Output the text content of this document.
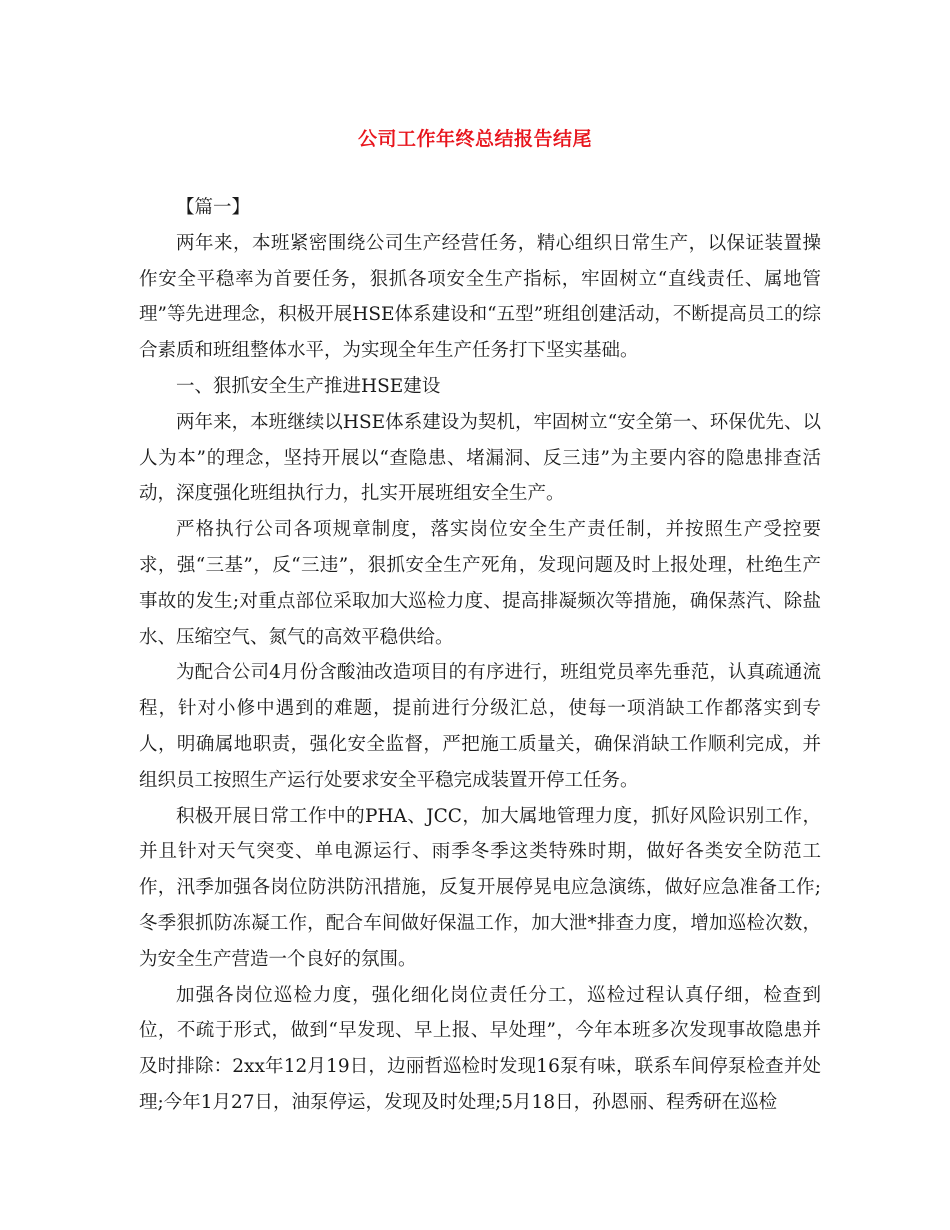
公司工作年终总结报告结尾
【篇一】

两年来，本班紧密围绕公司生产经营任务，精心组织日常生产，以保证装置操作安全平稳率为首要任务，狠抓各项安全生产指标，牢固树立“直线责任、属地管理”等先进理念，积极开展HSE体系建设和“五型”班组创建活动，不断提高员工的综合素质和班组整体水平，为实现全年生产任务打下坚实基础。

一、狠抓安全生产推进HSE建设

两年来，本班继续以HSE体系建设为契机，牢固树立“安全第一、环保优先、以人为本”的理念，坚持开展以“查隐患、堵漏洞、反三违”为主要内容的隐患排查活动，深度强化班组执行力，扎实开展班组安全生产。

严格执行公司各项规章制度，落实岗位安全生产责任制，并按照生产受控要求，强“三基”，反“三违”，狠抓安全生产死角，发现问题及时上报处理，杜绝生产事故的发生;对重点部位采取加大巡检力度、提高排凝频次等措施，确保蒸汽、除盐水、压缩空气、氮气的高效平稳供给。

为配合公司4月份含酸油改造项目的有序进行，班组党员率先垂范，认真疏通流程，针对小修中遇到的难题，提前进行分级汇总，使每一项消缺工作都落实到专人，明确属地职责，强化安全监督，严把施工质量关，确保消缺工作顺利完成，并组织员工按照生产运行处要求安全平稳完成装置开停工任务。

积极开展日常工作中的PHA、JCC，加大属地管理力度，抓好风险识别工作，并且针对天气突变、单电源运行、雨季冬季这类特殊时期，做好各类安全防范工作，汛季加强各岗位防洪防汛措施，反复开展停晃电应急演练，做好应急准备工作;冬季狠抓防冻凝工作，配合车间做好保温工作，加大泄*排查力度，增加巡检次数，为安全生产营造一个良好的氛围。

加强各岗位巡检力度，强化细化岗位责任分工，巡检过程认真仔细，检查到位，不疏于形式，做到“早发现、早上报、早处理”，今年本班多次发现事故隐患并及时排除：2xx年12月19日，边丽哲巡检时发现16泵有味，联系车间停泵检查并处理;今年1月27日，油泵停运，发现及时处理;5月18日，孙恩丽、程秀研在巡检
